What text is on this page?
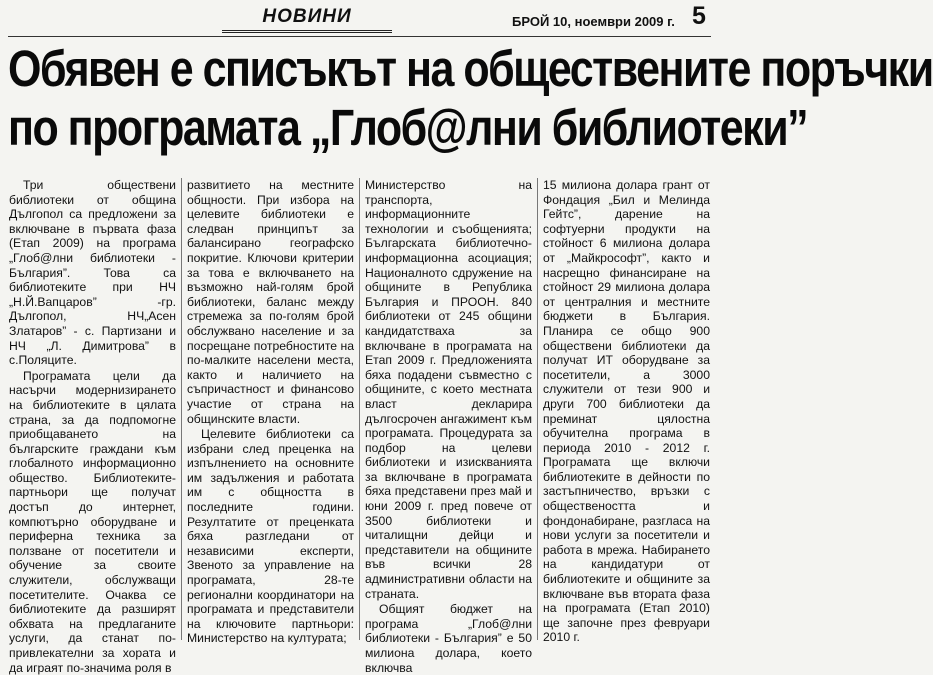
НОВИНИ	БРОЙ 10, ноември 2009 г. 5
Обявен е списъкът на обществените поръчки
по програмата „Глоб@лни библиотеки”

Три обществени библиотеки от община Дългопол са предложени за включване в първата фаза (Етап 2009) на програма „Глоб@лни библиотеки - България”. Това са библиотеките при НЧ „Н.Й.Вапцаров” -гр. Дългопол, НЧ„Асен Златаров” - с. Партизани и НЧ „Л. Димитрова” в с.Поляците.

Програмата цели да насърчи модернизирането на библиотеките в цялата страна, за да подпомогне приобщаването на българските граждани към глобалното информационно общество. Библиотеките-партньори ще получат достъп до интернет, компютърно оборудване и периферна техника за ползване от посетители и обучение за своите служители, обслужващи посетителите. Очаква се библиотеките да разширят обхвата на предлаганите услуги, да станат по-привлекателни за хората и да играят по-значима роля в

развитието на местните общности. При избора на целевите библиотеки е следван принципът за балансирано географско покритие. Ключови критерии за това е включването на възможно най-голям брой библиотеки, баланс между стремежа за по-голям брой обслужвано население и за посрещане потребностите на по-малките населени места, както и наличието на съпричастност и финансово участие от страна на общинските власти.

Целевите библиотеки са избрани след преценка на изпълнението на основните им задължения и работата им с общността в последните години. Резултатите от преценката бяха разгледани от независими експерти, Звеното за управление на програмата, 28-те регионални координатори на програмата и представители на ключовите партньори: Министерство на културата;

Министерство на транспорта, информационните технологии и съобщенията; Българската библиотечно-информационна асоциация; Националното сдружение на общините в Република България и ПРООН. 840 библиотеки от 245 общини кандидатстваха за включване в програмата на Етап 2009 г. Предложенията бяха подадени съвместно с общините, с което местната власт декларира дългосрочен ангажимент към програмата. Процедурата за подбор на целеви библиотеки и изискванията за включване в програмата бяха представени през май и юни 2009 г. пред повече от 3500 библиотеки и читалищни дейци и представители на общините във всички 28 административни области на страната.

Общият бюджет на програма „Глоб@лни библиотеки - България” е 50 милиона долара, което включва

15 милиона долара грант от Фондация „Бил и Мелинда Гейтс”, дарение на софтуерни продукти на стойност 6 милиона долара от „Майкрософт”, както и насрещно финансиране на стойност 29 милиона долара от централния и местните бюджети в България. Планира се общо 900 обществени библиотеки да получат ИТ оборудване за посетители, а 3000 служители от тези 900 и други 700 библиотеки да преминат цялостна обучителна програма в периода 2010 - 2012 г. Програмата ще включи библиотеките в дейности по застъпничество, връзки с обществеността и фондонабиране, разгласа на нови услуги за посетители и работа в мрежа. Набирането на кандидатури от библиотеките и общините за включване във втората фаза на програмата (Етап 2010) ще започне през февруари 2010 г.
